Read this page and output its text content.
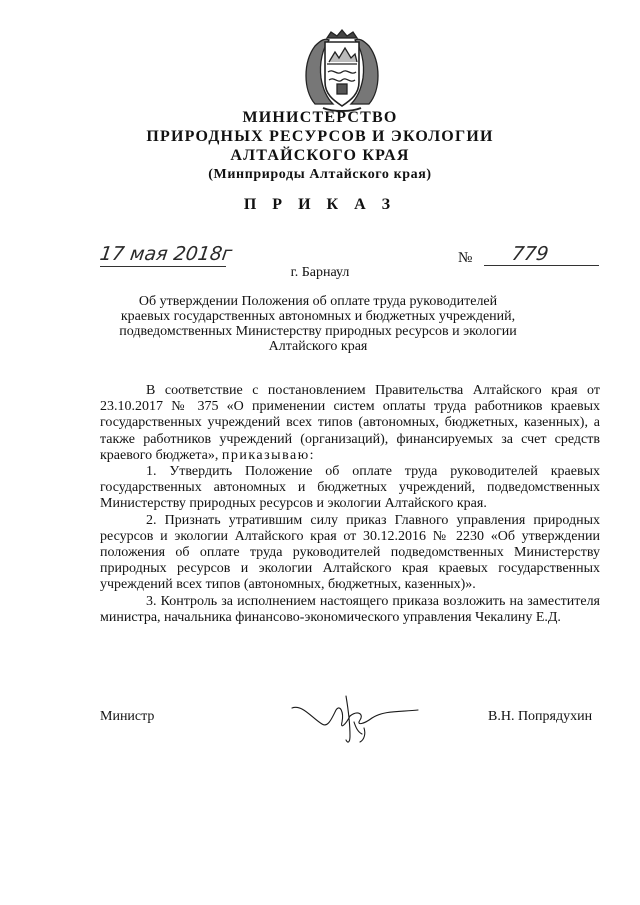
МИНИСТЕРСТВО
ПРИРОДНЫХ РЕСУРСОВ И ЭКОЛОГИИ
АЛТАЙСКОГО КРАЯ
(Минприроды Алтайского края)
П Р И К А З
17 мая 2018г	№ 779
г. Барнаул
Об утверждении Положения об оплате труда руководителей
краевых государственных автономных и бюджетных учреждений,
подведомственных Министерству природных ресурсов и экологии
Алтайского края

В соответствие с постановлением Правительства Алтайского края от 23.10.2017 № 375 «О применении систем оплаты труда работников краевых государственных учреждений всех типов (автономных, бюджетных, казенных), а также работников учреждений (организаций), финансируемых за счет средств краевого бюджета», приказываю:

1. Утвердить Положение об оплате труда руководителей краевых государственных автономных и бюджетных учреждений, подведомственных Министерству природных ресурсов и экологии Алтайского края.

2. Признать утратившим силу приказ Главного управления природных ресурсов и экологии Алтайского края от 30.12.2016 № 2230 «Об утверждении положения об оплате труда руководителей подведомственных Министерству природных ресурсов и экологии Алтайского края краевых государственных учреждений всех типов (автономных, бюджетных, казенных)».

3. Контроль за исполнением настоящего приказа возложить на заместителя министра, начальника финансово-экономического управления Чекалину Е.Д.

Министр	В.Н. Попрядухин
